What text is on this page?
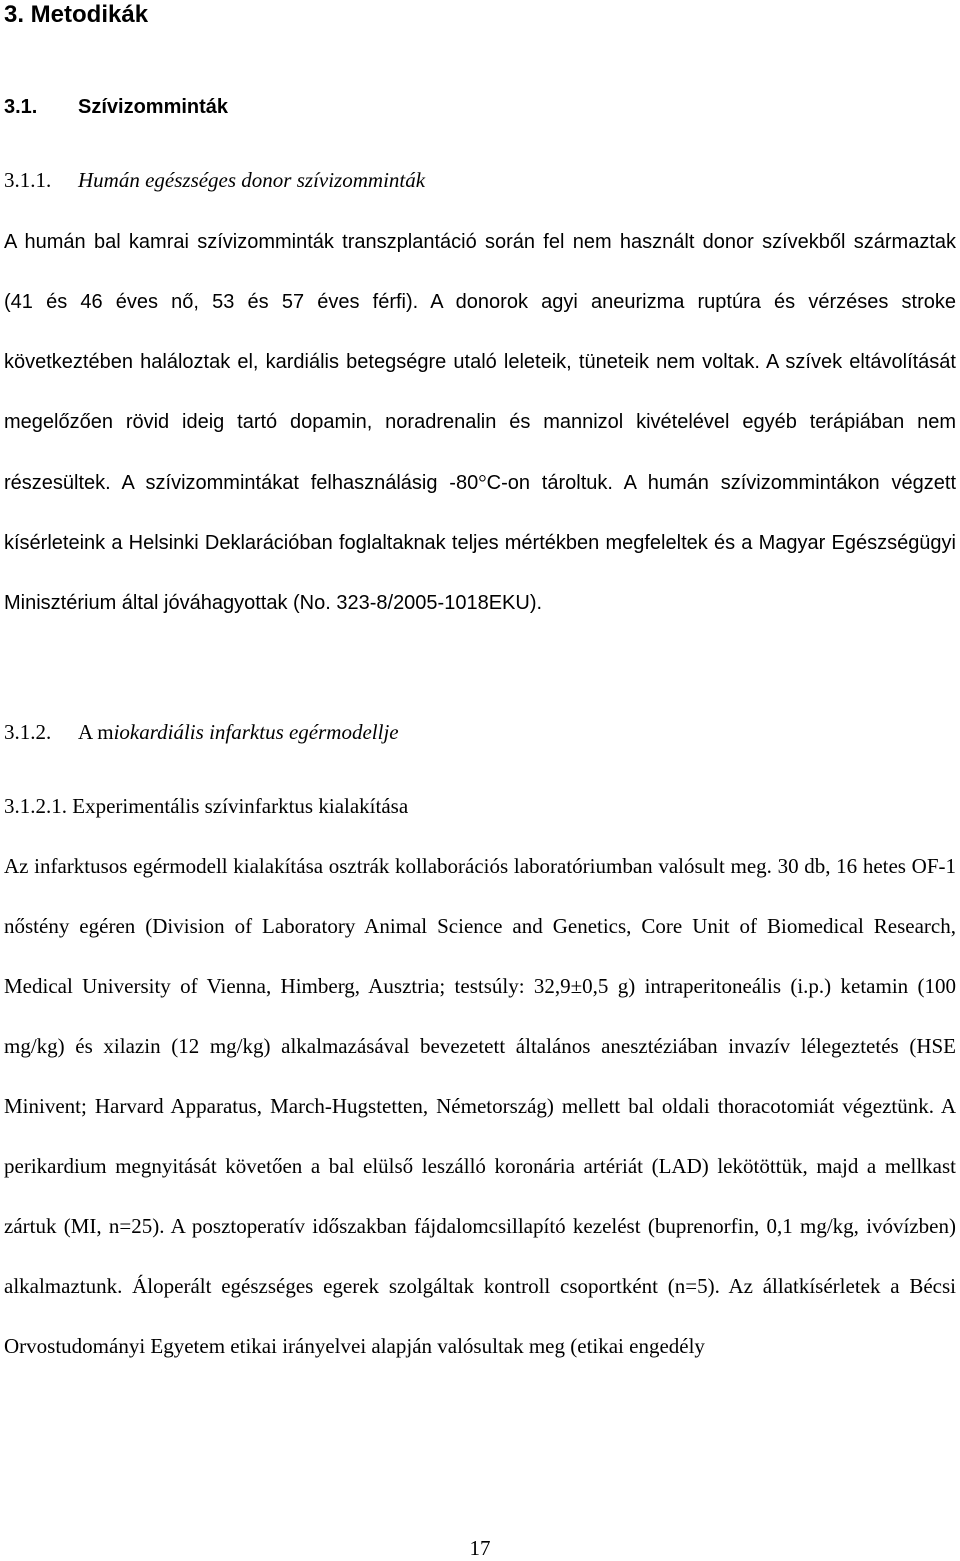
3. Metodikák
3.1. Szívizomminták
3.1.1. Humán egészséges donor szívizomminták

A humán bal kamrai szívizomminták transzplantáció során fel nem használt donor szívekből származtak (41 és 46 éves nő, 53 és 57 éves férfi). A donorok agyi aneurizma ruptúra és vérzéses stroke következtében haláloztak el, kardiális betegségre utaló leleteik, tüneteik nem voltak. A szívek eltávolítását megelőzően rövid ideig tartó dopamin, noradrenalin és mannizol kivételével egyéb terápiában nem részesültek. A szívizommintákat felhasználásig -80°C-on tároltuk. A humán szívizommintákon végzett kísérleteink a Helsinki Deklarációban foglaltaknak teljes mértékben megfeleltek és a Magyar Egészségügyi Minisztérium által jóváhagyottak (No. 323-8/2005-1018EKU).

3.1.2. A miokardiális infarktus egérmodellje
3.1.2.1. Experimentális szívinfarktus kialakítása

Az infarktusos egérmodell kialakítása osztrák kollaborációs laboratóriumban valósult meg. 30 db, 16 hetes OF-1 nőstény egéren (Division of Laboratory Animal Science and Genetics, Core Unit of Biomedical Research, Medical University of Vienna, Himberg, Ausztria; testsúly: 32,9±0,5 g) intraperitoneális (i.p.) ketamin (100 mg/kg) és xilazin (12 mg/kg) alkalmazásával bevezetett általános anesztéziában invazív lélegeztetés (HSE Minivent; Harvard Apparatus, March-Hugstetten, Németország) mellett bal oldali thoracotomiát végeztünk. A perikardium megnyitását követően a bal elülső leszálló koronária artériát (LAD) lekötöttük, majd a mellkast zártuk (MI, n=25). A posztoperatív időszakban fájdalomcsillapító kezelést (buprenorfin, 0,1 mg/kg, ivóvízben) alkalmaztunk. Áloperált egészséges egerek szolgáltak kontroll csoportként (n=5). Az állatkísérletek a Bécsi Orvostudományi Egyetem etikai irányelvei alapján valósultak meg (etikai engedély

17
